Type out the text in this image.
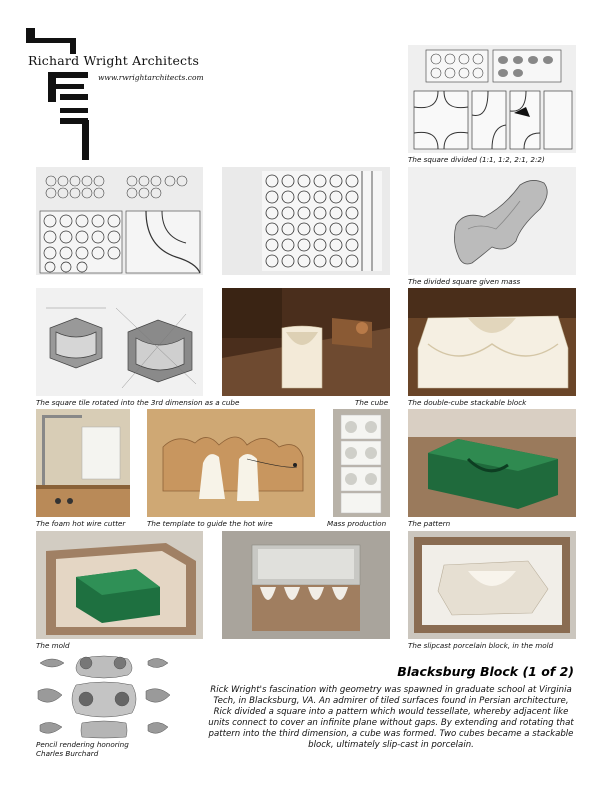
Richard Wright Architects
www.rwrightarchitects.com
The square divided (1:1, 1:2, 2:1, 2:2)
The divided square given mass
The square tile rotated into the 3rd dimension as a cube	The cube	The double-cube stackable block
The foam hot wire cutter	The template to guide the hot wire	Mass production	The pattern
The mold	The slipcast porcelain block, in the mold
Pencil rendering honoring
Charles Burchard
Blacksburg Block (1 of 2)
Rick Wright's fascination with geometry was spawned in graduate school at Virginia Tech, in Blacksburg, VA. An admirer of tiled surfaces found in Persian architecture, Rick divided a square into a pattern which would tessellate, whereby adjacent like units connect to cover an infinite plane without gaps. By extending and rotating that pattern into the third dimension, a cube was formed. Two cubes became a stackable block, ultimately slip-cast in porcelain.
